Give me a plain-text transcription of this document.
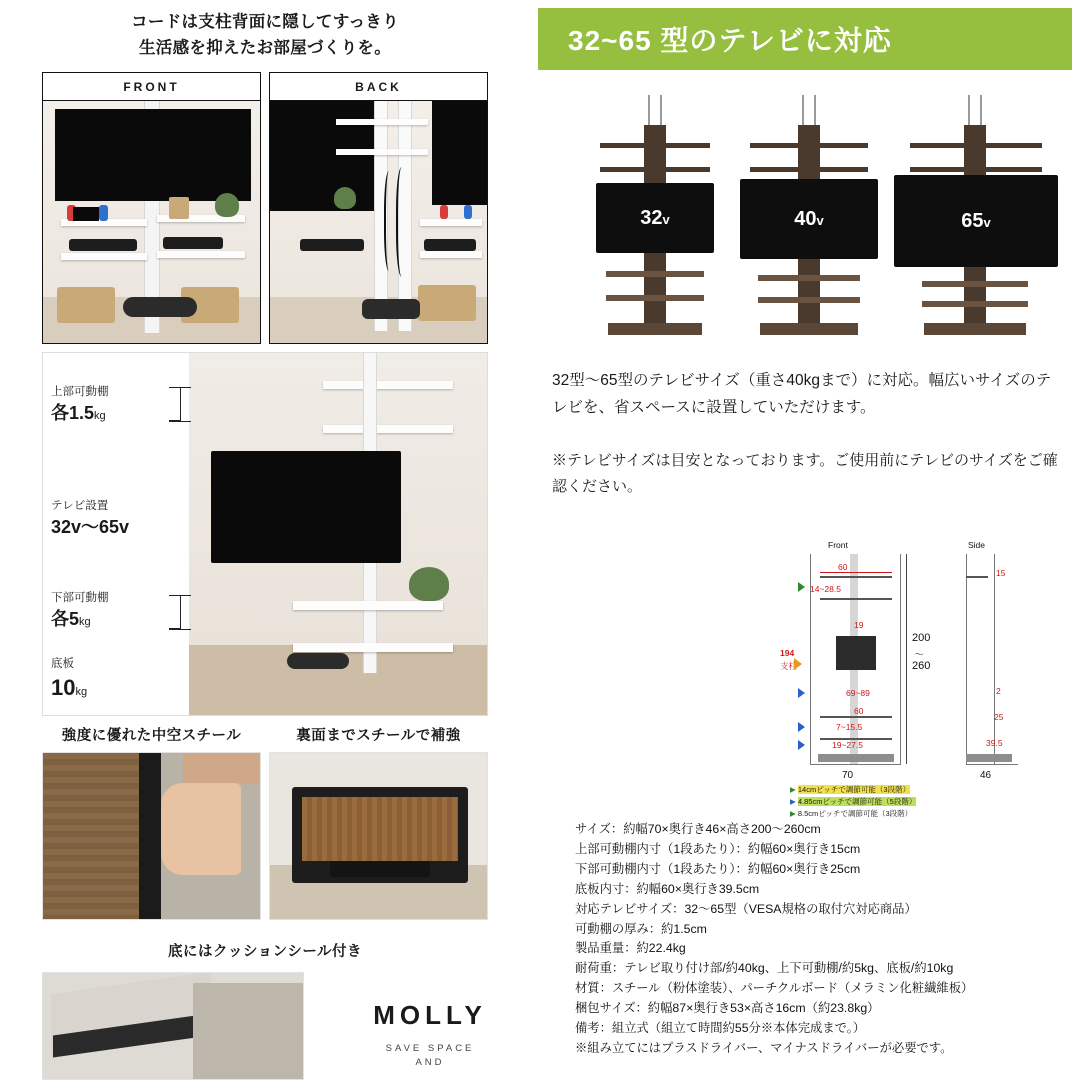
コードは支柱背面に隠してすっきり
生活感を抑えたお部屋づくりを。
FRONT	BACK
上部可動棚
各1.5kg
テレビ設置
32v〜65v
下部可動棚
各5kg
底板
10kg
強度に優れた中空スチール	裏面までスチールで補強
底にはクッションシール付き
MOLLY
SAVE SPACE
AND
32~65 型のテレビに対応
32v	40v	65v
32型〜65型のテレビサイズ（重さ40kgまで）に対応。幅広いサイズのテレビを、省スペースに設置していただけます。
※テレビサイズは目安となっております。ご使用前にテレビのサイズをご確認ください。
Front	Side
60
14~28.5
19
69~89
60
7~15.5
19~27.5
70
194
支柱
200
〜
260
15
2
25
39.5
46
▶ 14cmピッチで調節可能（3段階）
▶ 4.85cmピッチで調節可能（5段階）
▶ 8.5cmピッチで調節可能（3段階）
サイズ：約幅70×奥行き46×高さ200〜260cm
上部可動棚内寸（1段あたり）：約幅60×奥行き15cm
下部可動棚内寸（1段あたり）：約幅60×奥行き25cm
底板内寸：約幅60×奥行き39.5cm
対応テレビサイズ：32〜65型（VESA規格の取付穴対応商品）
可動棚の厚み：約1.5cm
製品重量：約22.4kg
耐荷重：テレビ取り付け部/約40kg、上下可動棚/約5kg、底板/約10kg
材質：スチール（粉体塗装）、パーチクルボード（メラミン化粧繊維板）
梱包サイズ：約幅87×奥行き53×高さ16cm（約23.8kg）
備考：組立式（組立て時間約55分※本体完成まで。）
※組み立てにはプラスドライバー、マイナスドライバーが必要です。
